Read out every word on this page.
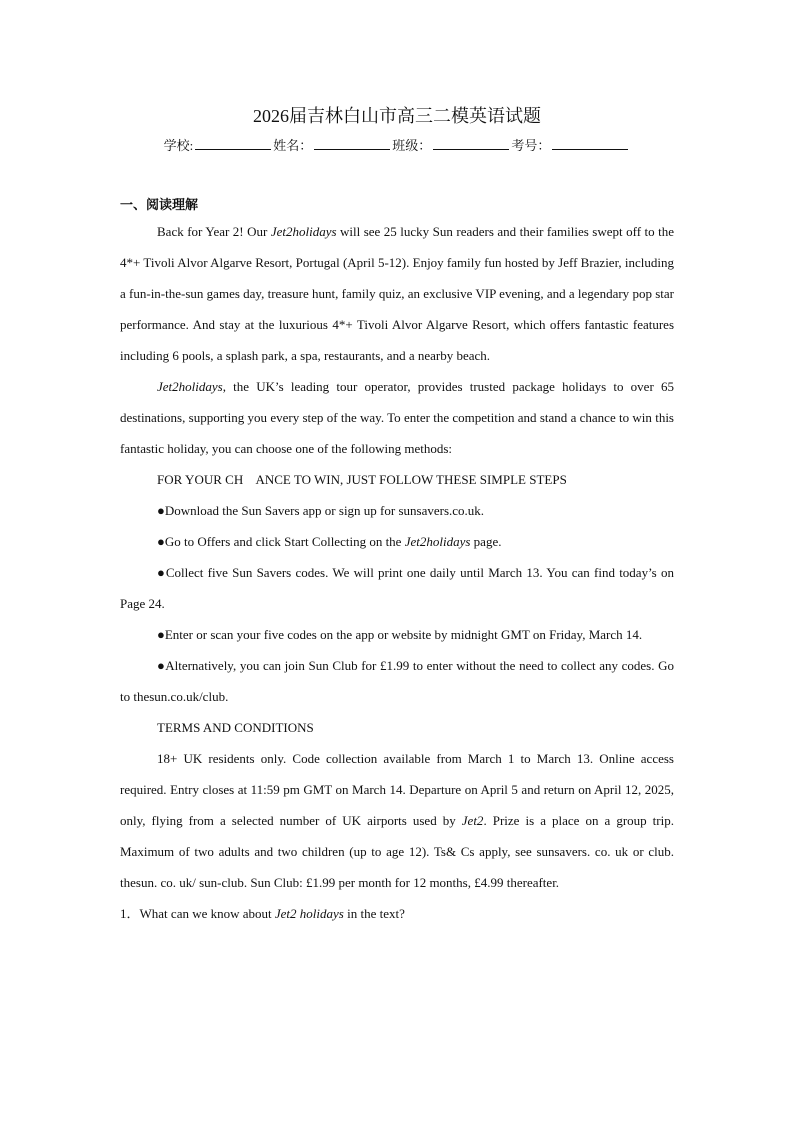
2026届吉林白山市高三二模英语试题
学校:	姓名：	班级：	考号：
一、阅读理解

Back for Year 2! Our Jet2holidays will see 25 lucky Sun readers and their families swept off to the 4*+ Tivoli Alvor Algarve Resort, Portugal (April 5-12). Enjoy family fun hosted by Jeff Brazier, including a fun-in-the-sun games day, treasure hunt, family quiz, an exclusive VIP evening, and a legendary pop star performance. And stay at the luxurious 4*+ Tivoli Alvor Algarve Resort, which offers fantastic features including 6 pools, a splash park, a spa, restaurants, and a nearby beach.

Jet2holidays, the UK’s leading tour operator, provides trusted package holidays to over 65 destinations, supporting you every step of the way. To enter the competition and stand a chance to win this fantastic holiday, you can choose one of the following methods:

FOR YOUR CH    ANCE TO WIN, JUST FOLLOW THESE SIMPLE STEPS

●Download the Sun Savers app or sign up for sunsavers.co.uk.

●Go to Offers and click Start Collecting on the Jet2holidays page.

●Collect five Sun Savers codes. We will print one daily until March 13. You can find today’s on Page 24.

●Enter or scan your five codes on the app or website by midnight GMT on Friday, March 14.

●Alternatively, you can join Sun Club for £1.99 to enter without the need to collect any codes. Go to thesun.co.uk/club.

TERMS AND CONDITIONS

18+ UK residents only. Code collection available from March 1 to March 13. Online access required. Entry closes at 11:59 pm GMT on March 14. Departure on April 5 and return on April 12, 2025, only, flying from a selected number of UK airports used by Jet2. Prize is a place on a group trip. Maximum of two adults and two children (up to age 12). Ts& Cs apply, see sunsavers. co. uk or club. thesun. co. uk/ sun-club. Sun Club: £1.99 per month for 12 months, £4.99 thereafter.

1．What can we know about Jet2 holidays in the text?
